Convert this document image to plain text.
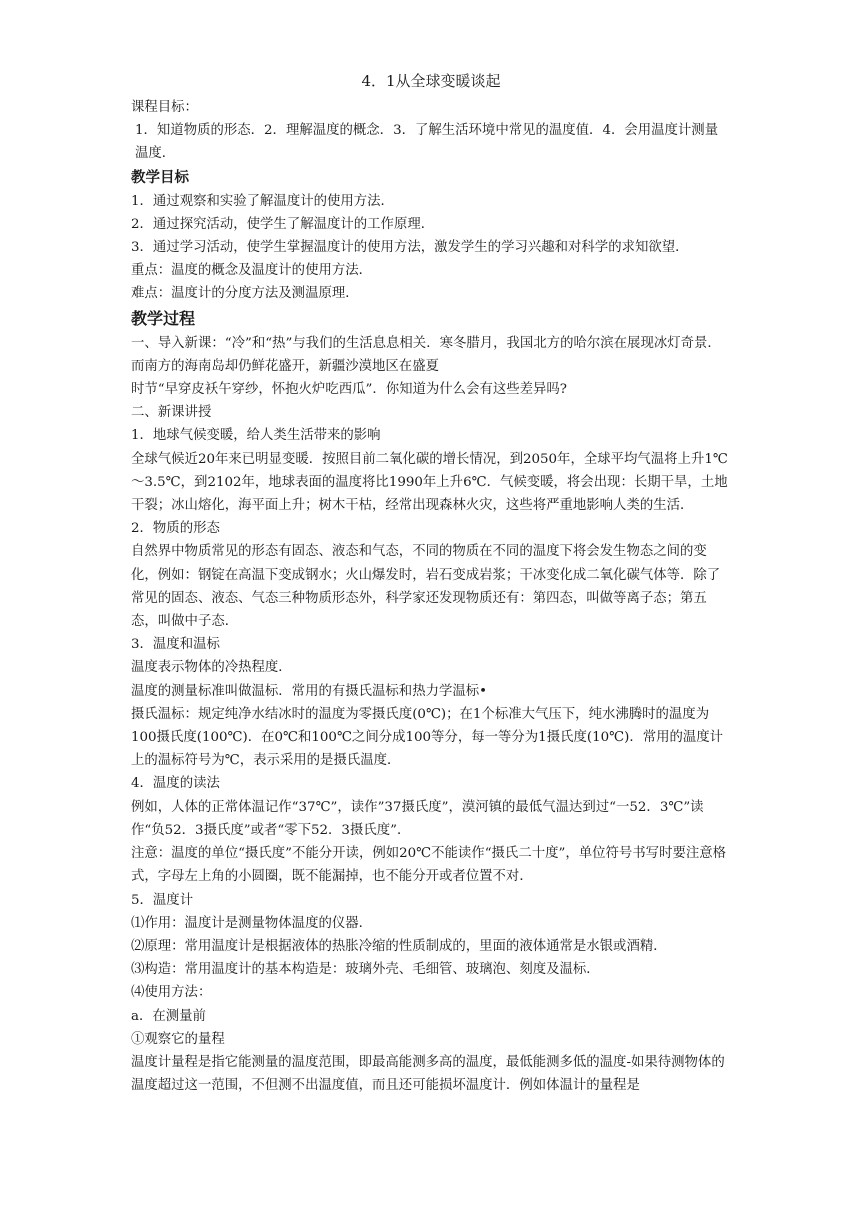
4．1从全球变暖谈起

课程目标：

1．知道物质的形态．2．理解温度的概念．3．了解生活环境中常见的温度值．4．会用温度计测量温度．

教学目标

1．通过观察和实验了解温度计的使用方法．

2．通过探究活动，使学生了解温度计的工作原理．

3．通过学习活动，使学生掌握温度计的使用方法，激发学生的学习兴趣和对科学的求知欲望．

重点：温度的概念及温度计的使用方法．

难点：温度计的分度方法及测温原理．

教学过程

一、导入新课：“冷”和“热”与我们的生活息息相关．寒冬腊月，我国北方的哈尔滨在展现冰灯奇景．而南方的海南岛却仍鲜花盛开，新疆沙漠地区在盛夏

时节“早穿皮袄午穿纱，怀抱火炉吃西瓜”．你知道为什么会有这些差异吗?

二、新课讲授

1．地球气候变暖，给人类生活带来的影响

全球气候近20年来已明显变暖．按照目前二氧化碳的增长情况，到2050年，全球平均气温将上升1℃～3.5℃，到2102年，地球表面的温度将比1990年上升6℃．气候变暖，将会出现：长期干旱，土地干裂；冰山熔化，海平面上升；树木干枯，经常出现森林火灾，这些将严重地影响人类的生活．

2．物质的形态

自然界中物质常见的形态有固态、液态和气态，不同的物质在不同的温度下将会发生物态之间的变化，例如：钢锭在高温下变成钢水；火山爆发时，岩石变成岩浆；干冰变化成二氧化碳气体等．除了常见的固态、液态、气态三种物质形态外，科学家还发现物质还有：第四态，叫做等离子态；第五态，叫做中子态．

3．温度和温标

温度表示物体的冷热程度．

温度的测量标准叫做温标．常用的有摄氏温标和热力学温标•

摄氏温标：规定纯净水结冰时的温度为零摄氏度(0℃)；在1个标准大气压下，纯水沸腾时的温度为100摄氏度(100℃)．在0℃和100℃之间分成100等分，每一等分为1摄氏度(10℃)．常用的温度计上的温标符号为℃，表示采用的是摄氏温度．

4．温度的读法

例如，人体的正常体温记作“37℃”，读作”37摄氏度”，漠河镇的最低气温达到过“一52．3℃”读作“负52．3摄氏度”或者“零下52．3摄氏度”．

注意：温度的单位“摄氏度”不能分开读，例如20℃不能读作“摄氏二十度”，单位符号书写时要注意格式，字母左上角的小圆圈，既不能漏掉，也不能分开或者位置不对．

5．温度计

⑴作用：温度计是测量物体温度的仪器．

⑵原理：常用温度计是根据液体的热胀冷缩的性质制成的，里面的液体通常是水银或酒精．

⑶构造：常用温度计的基本构造是：玻璃外壳、毛细管、玻璃泡、刻度及温标．

⑷使用方法：

a．在测量前

①观察它的量程

温度计量程是指它能测量的温度范围，即最高能测多高的温度，最低能测多低的温度-如果待测物体的温度超过这一范围，不但测不出温度值，而且还可能损坏温度计．例如体温计的量程是
